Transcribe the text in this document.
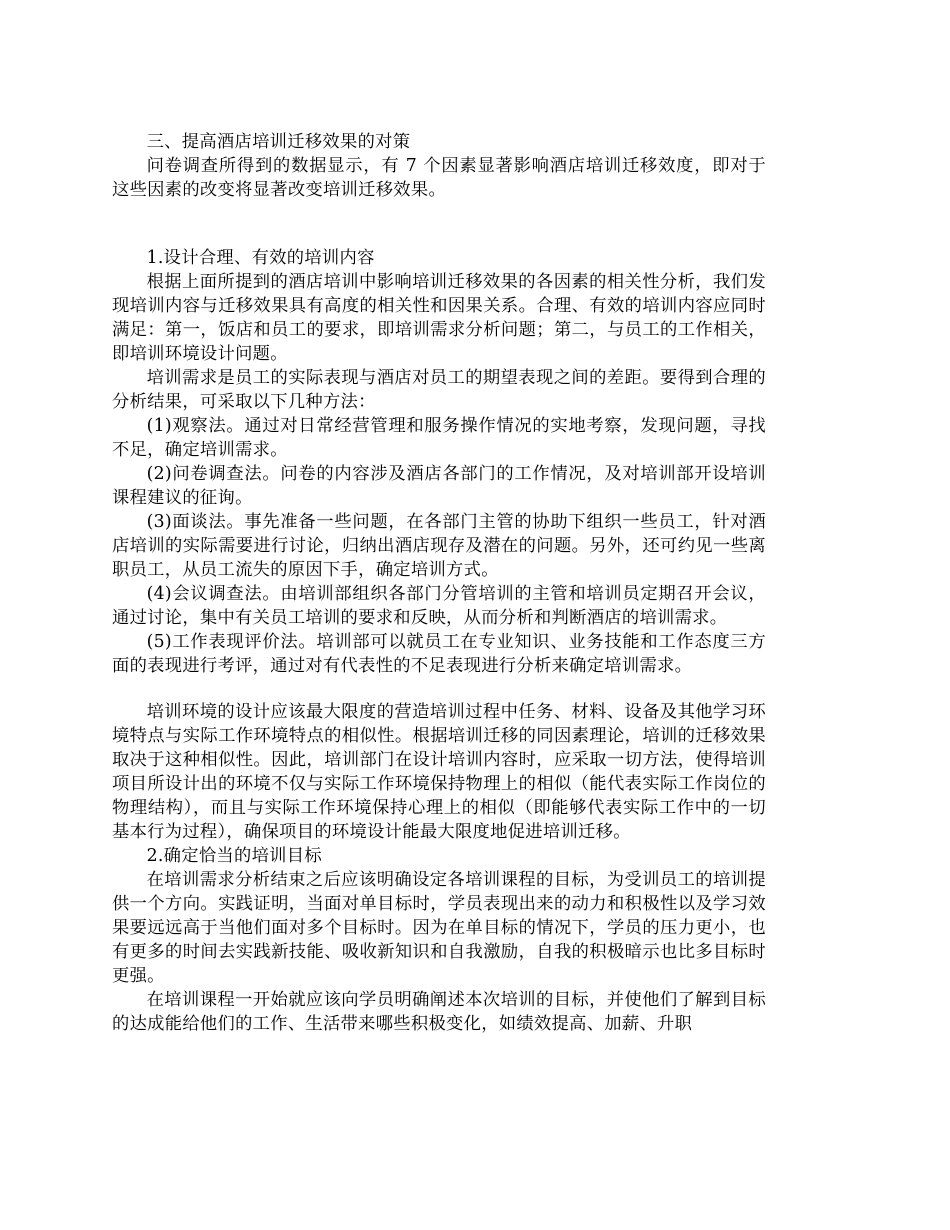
三、提高酒店培训迁移效果的对策

问卷调查所得到的数据显示，有 7 个因素显著影响酒店培训迁移效度，即对于这些因素的改变将显著改变培训迁移效果。

1.设计合理、有效的培训内容

根据上面所提到的酒店培训中影响培训迁移效果的各因素的相关性分析，我们发现培训内容与迁移效果具有高度的相关性和因果关系。合理、有效的培训内容应同时满足：第一，饭店和员工的要求，即培训需求分析问题；第二，与员工的工作相关，即培训环境设计问题。

培训需求是员工的实际表现与酒店对员工的期望表现之间的差距。要得到合理的分析结果，可采取以下几种方法：

(1)观察法。通过对日常经营管理和服务操作情况的实地考察，发现问题，寻找不足，确定培训需求。

(2)问卷调查法。问卷的内容涉及酒店各部门的工作情况，及对培训部开设培训课程建议的征询。

(3)面谈法。事先准备一些问题，在各部门主管的协助下组织一些员工，针对酒店培训的实际需要进行讨论，归纳出酒店现存及潜在的问题。另外，还可约见一些离职员工，从员工流失的原因下手，确定培训方式。

(4)会议调查法。由培训部组织各部门分管培训的主管和培训员定期召开会议，通过讨论，集中有关员工培训的要求和反映，从而分析和判断酒店的培训需求。

(5)工作表现评价法。培训部可以就员工在专业知识、业务技能和工作态度三方面的表现进行考评，通过对有代表性的不足表现进行分析来确定培训需求。

培训环境的设计应该最大限度的营造培训过程中任务、材料、设备及其他学习环境特点与实际工作环境特点的相似性。根据培训迁移的同因素理论，培训的迁移效果取决于这种相似性。因此，培训部门在设计培训内容时，应采取一切方法，使得培训项目所设计出的环境不仅与实际工作环境保持物理上的相似（能代表实际工作岗位的物理结构），而且与实际工作环境保持心理上的相似（即能够代表实际工作中的一切基本行为过程），确保项目的环境设计能最大限度地促进培训迁移。

2.确定恰当的培训目标

在培训需求分析结束之后应该明确设定各培训课程的目标，为受训员工的培训提供一个方向。实践证明，当面对单目标时，学员表现出来的动力和积极性以及学习效果要远远高于当他们面对多个目标时。因为在单目标的情况下，学员的压力更小，也有更多的时间去实践新技能、吸收新知识和自我激励，自我的积极暗示也比多目标时更强。

在培训课程一开始就应该向学员明确阐述本次培训的目标，并使他们了解到目标的达成能给他们的工作、生活带来哪些积极变化，如绩效提高、加薪、升职
